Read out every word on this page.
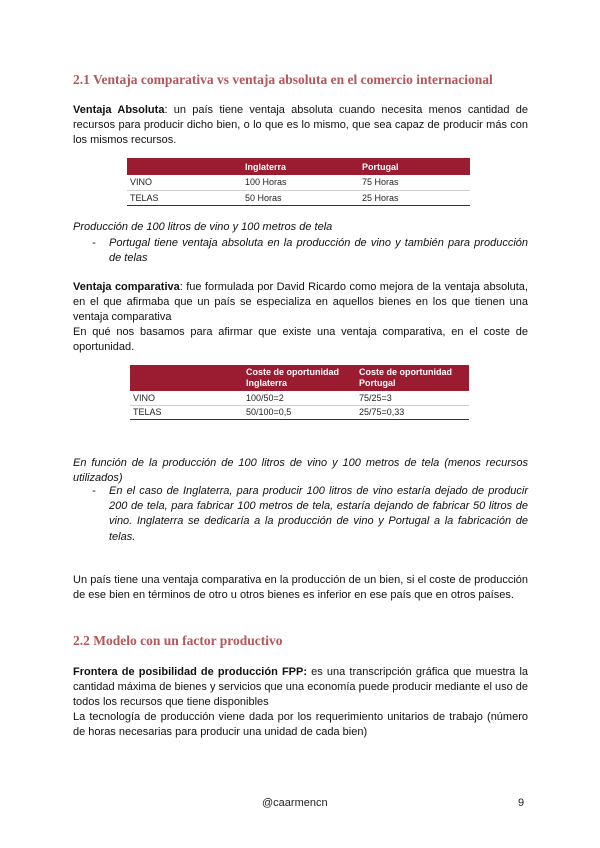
2.1 Ventaja comparativa vs ventaja absoluta en el comercio internacional
Ventaja Absoluta: un país tiene ventaja absoluta cuando necesita menos cantidad de recursos para producir dicho bien, o lo que es lo mismo, que sea capaz de producir más con los mismos recursos.
	Inglaterra	Portugal
VINO	100 Horas	75 Horas
TELAS	50 Horas	25 Horas
Producción de 100 litros de vino y 100 metros de tela
- Portugal tiene ventaja absoluta en la producción de vino y también para producción de telas
Ventaja comparativa: fue formulada por David Ricardo como mejora de la ventaja absoluta, en el que afirmaba que un país se especializa en aquellos bienes en los que tienen una ventaja comparativa
En qué nos basamos para afirmar que existe una ventaja comparativa, en el coste de oportunidad.
	Coste de oportunidad Inglaterra	Coste de oportunidad Portugal
VINO	100/50=2	75/25=3
TELAS	50/100=0,5	25/75=0,33
En función de la producción de 100 litros de vino y 100 metros de tela (menos recursos utilizados)
- En el caso de Inglaterra, para producir 100 litros de vino estaría dejado de producir 200 de tela, para fabricar 100 metros de tela, estaría dejando de fabricar 50 litros de vino. Inglaterra se dedicaría a la producción de vino y Portugal a la fabricación de telas.
Un país tiene una ventaja comparativa en la producción de un bien, si el coste de producción de ese bien en términos de otro u otros bienes es inferior en ese país que en otros países.
2.2 Modelo con un factor productivo
Frontera de posibilidad de producción FPP: es una transcripción gráfica que muestra la cantidad máxima de bienes y servicios que una economía puede producir mediante el uso de todos los recursos que tiene disponibles
La tecnología de producción viene dada por los requerimiento unitarios de trabajo (número de horas necesarias para producir una unidad de cada bien)
@caarmencn	9
